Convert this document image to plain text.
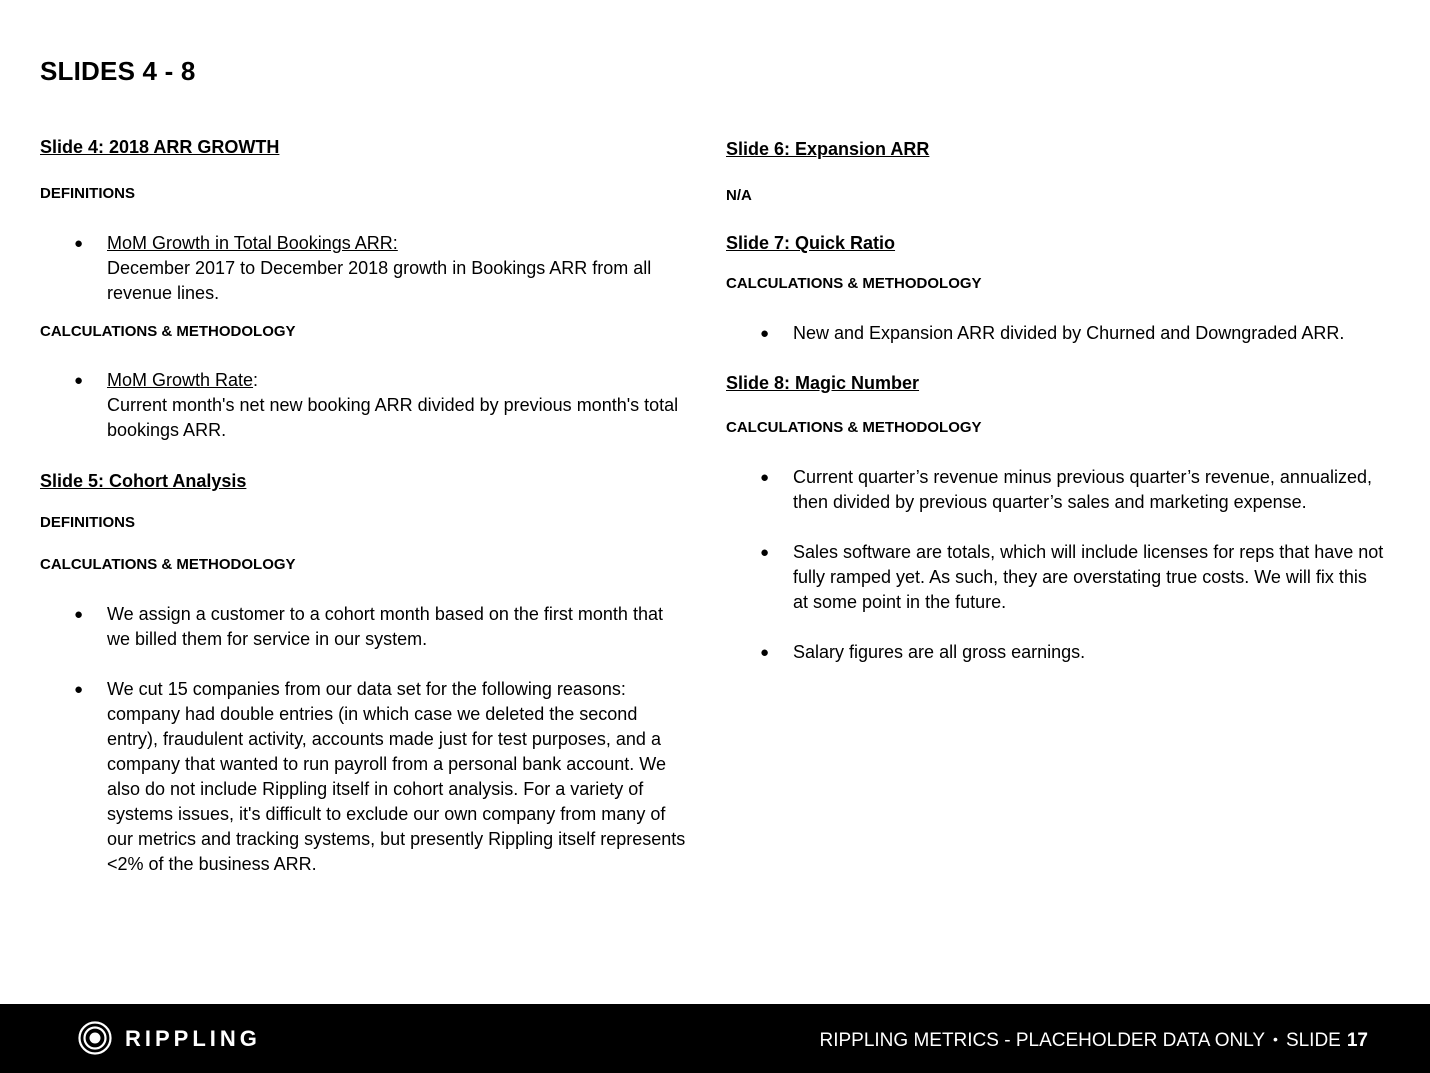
SLIDES 4 - 8
Slide 4: 2018 ARR GROWTH
DEFINITIONS
● MoM Growth in Total Bookings ARR:
December 2017 to December 2018 growth in Bookings ARR from all revenue lines.
CALCULATIONS & METHODOLOGY
● MoM Growth Rate:
Current month's net new booking ARR divided by previous month's total bookings ARR.
Slide 5: Cohort Analysis
DEFINITIONS
CALCULATIONS & METHODOLOGY
● We assign a customer to a cohort month based on the first month that we billed them for service in our system.
● We cut 15 companies from our data set for the following reasons: company had double entries (in which case we deleted the second entry), fraudulent activity, accounts made just for test purposes, and a company that wanted to run payroll from a personal bank account. We also do not include Rippling itself in cohort analysis. For a variety of systems issues, it's difficult to exclude our own company from many of our metrics and tracking systems, but presently Rippling itself represents <2% of the business ARR.
Slide 6: Expansion ARR
N/A
Slide 7: Quick Ratio
CALCULATIONS & METHODOLOGY
● New and Expansion ARR divided by Churned and Downgraded ARR.
Slide 8: Magic Number
CALCULATIONS & METHODOLOGY
● Current quarter’s revenue minus previous quarter’s revenue, annualized, then divided by previous quarter’s sales and marketing expense.
● Sales software are totals, which will include licenses for reps that have not fully ramped yet. As such, they are overstating true costs. We will fix this at some point in the future.
● Salary figures are all gross earnings.
RIPPLING	RIPPLING METRICS - PLACEHOLDER DATA ONLY • SLIDE 17
